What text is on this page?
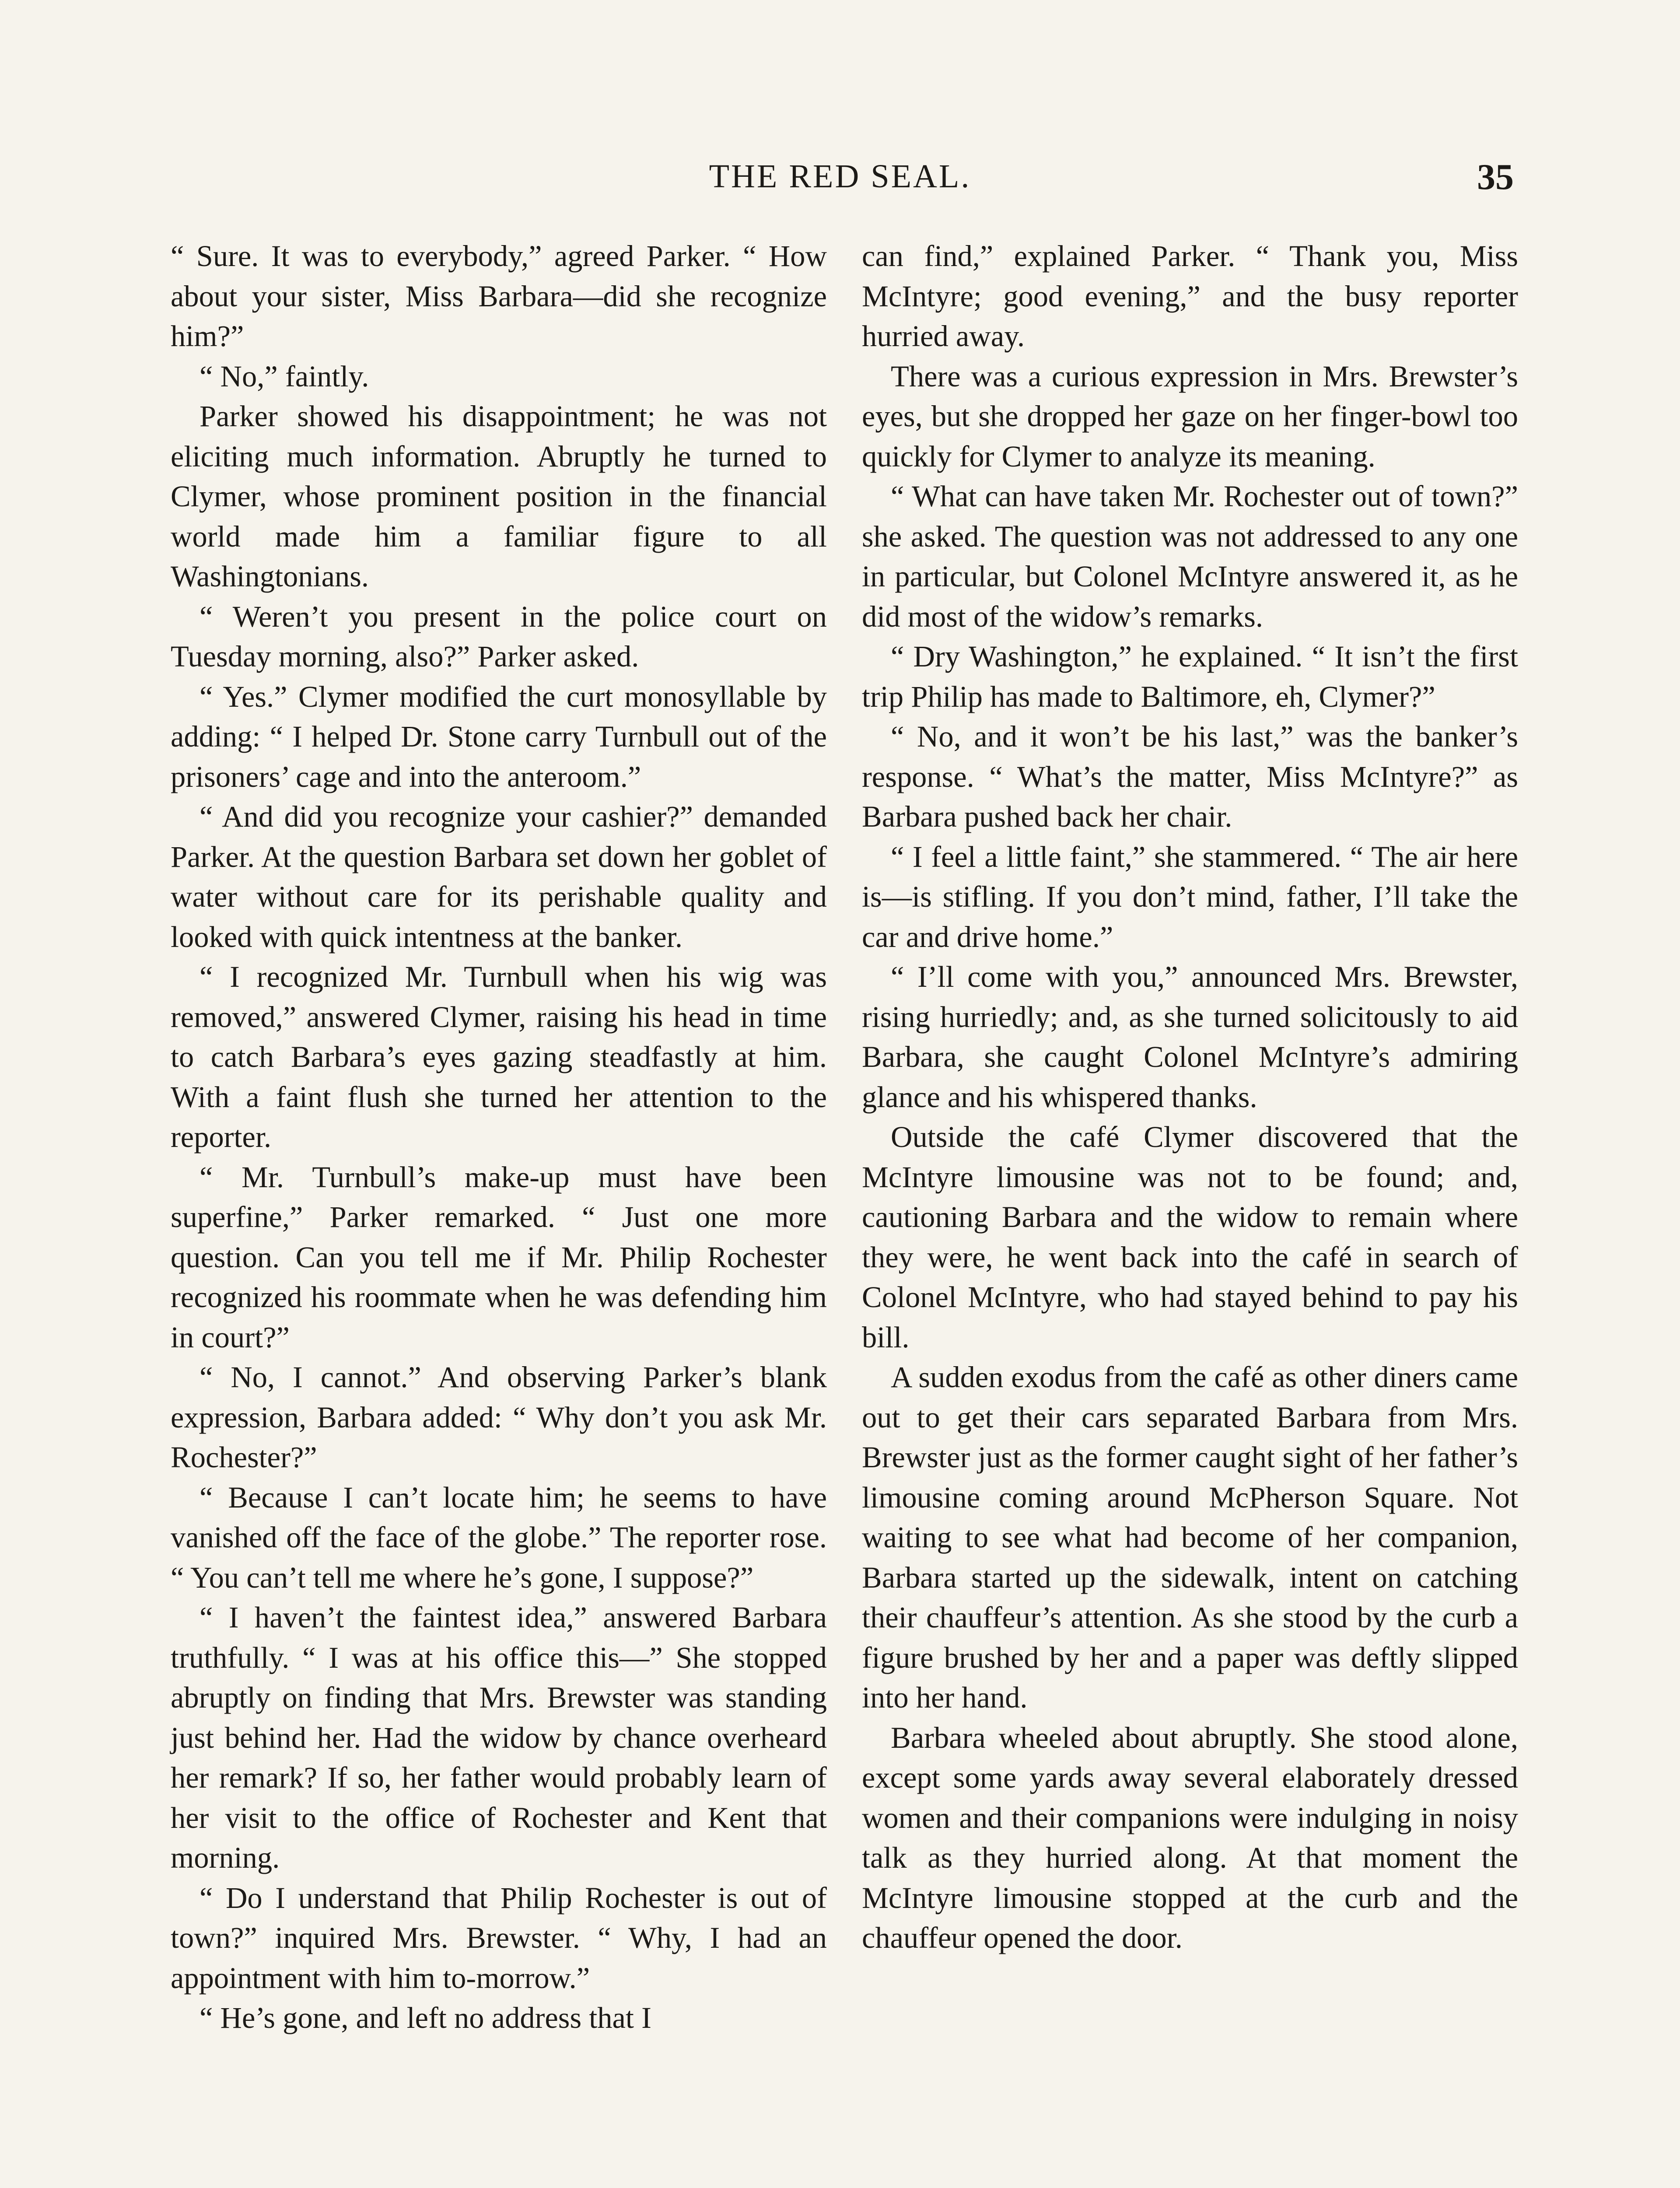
THE RED SEAL.	35

“ Sure. It was to everybody,” agreed Parker. “ How about your sister, Miss Barbara—did she recognize him?”

“ No,” faintly.

Parker showed his disappointment; he was not eliciting much information. Abruptly he turned to Clymer, whose prominent position in the financial world made him a familiar figure to all Washingtonians.

“ Weren’t you present in the police court on Tuesday morning, also?” Parker asked.

“ Yes.” Clymer modified the curt monosyllable by adding: “ I helped Dr. Stone carry Turnbull out of the prisoners’ cage and into the anteroom.”

“ And did you recognize your cashier?” demanded Parker. At the question Barbara set down her goblet of water without care for its perishable quality and looked with quick intentness at the banker.

“ I recognized Mr. Turnbull when his wig was removed,” answered Clymer, raising his head in time to catch Barbara’s eyes gazing steadfastly at him. With a faint flush she turned her attention to the reporter.

“ Mr. Turnbull’s make-up must have been superfine,” Parker remarked. “ Just one more question. Can you tell me if Mr. Philip Rochester recognized his roommate when he was defending him in court?”

“ No, I cannot.” And observing Parker’s blank expression, Barbara added: “ Why don’t you ask Mr. Rochester?”

“ Because I can’t locate him; he seems to have vanished off the face of the globe.” The reporter rose. “ You can’t tell me where he’s gone, I suppose?”

“ I haven’t the faintest idea,” answered Barbara truthfully. “ I was at his office this—” She stopped abruptly on finding that Mrs. Brewster was standing just behind her. Had the widow by chance overheard her remark? If so, her father would probably learn of her visit to the office of Rochester and Kent that morning.

“ Do I understand that Philip Rochester is out of town?” inquired Mrs. Brewster. “ Why, I had an appointment with him to-morrow.”

“ He’s gone, and left no address that I

can find,” explained Parker. “ Thank you, Miss McIntyre; good evening,” and the busy reporter hurried away.

There was a curious expression in Mrs. Brewster’s eyes, but she dropped her gaze on her finger-bowl too quickly for Clymer to analyze its meaning.

“ What can have taken Mr. Rochester out of town?” she asked. The question was not addressed to any one in particular, but Colonel McIntyre answered it, as he did most of the widow’s remarks.

“ Dry Washington,” he explained. “ It isn’t the first trip Philip has made to Baltimore, eh, Clymer?”

“ No, and it won’t be his last,” was the banker’s response. “ What’s the matter, Miss McIntyre?” as Barbara pushed back her chair.

“ I feel a little faint,” she stammered. “ The air here is—is stifling. If you don’t mind, father, I’ll take the car and drive home.”

“ I’ll come with you,” announced Mrs. Brewster, rising hurriedly; and, as she turned solicitously to aid Barbara, she caught Colonel McIntyre’s admiring glance and his whispered thanks.

Outside the café Clymer discovered that the McIntyre limousine was not to be found; and, cautioning Barbara and the widow to remain where they were, he went back into the café in search of Colonel McIntyre, who had stayed behind to pay his bill.

A sudden exodus from the café as other diners came out to get their cars separated Barbara from Mrs. Brewster just as the former caught sight of her father’s limousine coming around McPherson Square. Not waiting to see what had become of her companion, Barbara started up the sidewalk, intent on catching their chauffeur’s attention. As she stood by the curb a figure brushed by her and a paper was deftly slipped into her hand.

Barbara wheeled about abruptly. She stood alone, except some yards away several elaborately dressed women and their companions were indulging in noisy talk as they hurried along. At that moment the McIntyre limousine stopped at the curb and the chauffeur opened the door.
